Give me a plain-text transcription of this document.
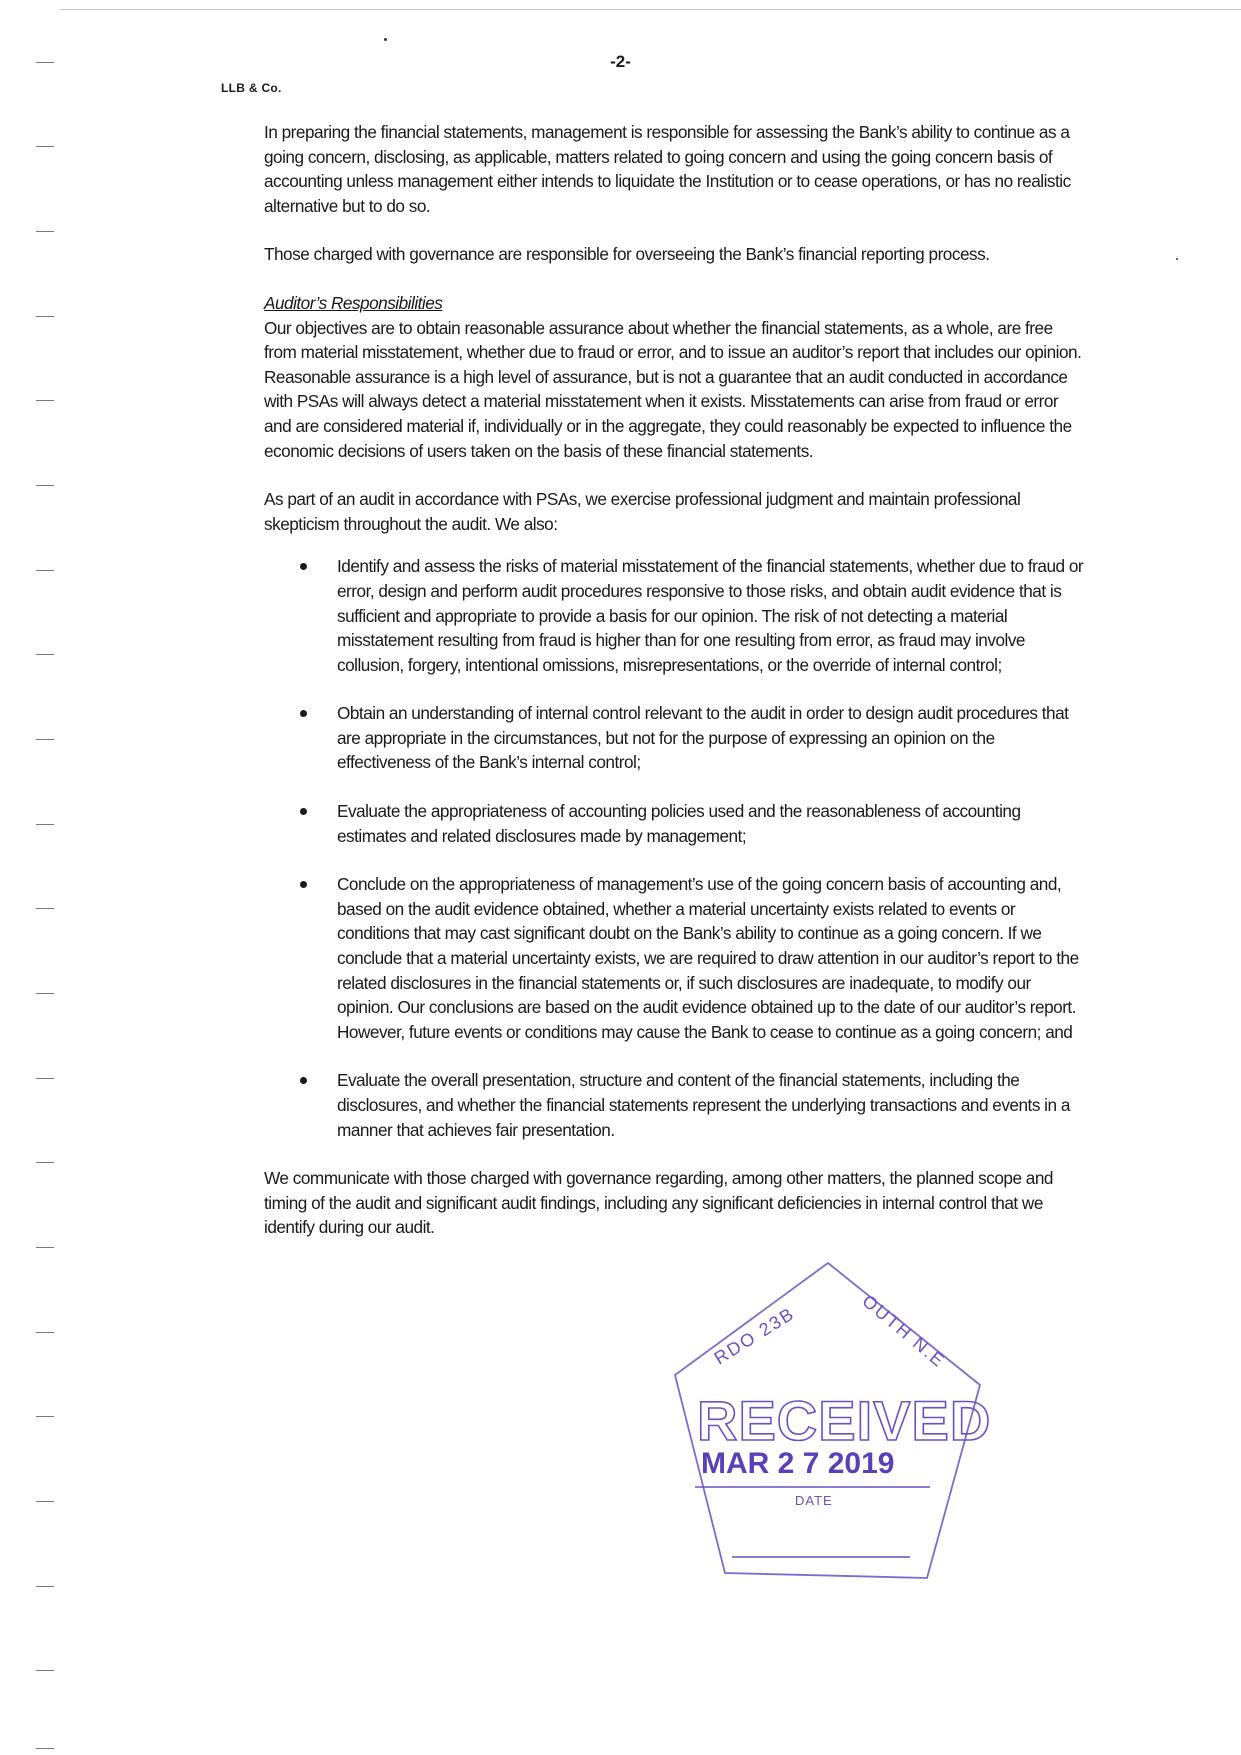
-2-
LLB & Co.

In preparing the financial statements, management is responsible for assessing the Bank’s ability to continue as a going concern, disclosing, as applicable, matters related to going concern and using the going concern basis of accounting unless management either intends to liquidate the Institution or to cease operations, or has no realistic alternative but to do so.

Those charged with governance are responsible for overseeing the Bank’s financial reporting process.

Auditor’s Responsibilities

Our objectives are to obtain reasonable assurance about whether the financial statements, as a whole, are free from material misstatement, whether due to fraud or error, and to issue an auditor’s report that includes our opinion. Reasonable assurance is a high level of assurance, but is not a guarantee that an audit conducted in accordance with PSAs will always detect a material misstatement when it exists. Misstatements can arise from fraud or error and are considered material if, individually or in the aggregate, they could reasonably be expected to influence the economic decisions of users taken on the basis of these financial statements.

As part of an audit in accordance with PSAs, we exercise professional judgment and maintain professional skepticism throughout the audit. We also:

Identify and assess the risks of material misstatement of the financial statements, whether due to fraud or error, design and perform audit procedures responsive to those risks, and obtain audit evidence that is sufficient and appropriate to provide a basis for our opinion. The risk of not detecting a material misstatement resulting from fraud is higher than for one resulting from error, as fraud may involve collusion, forgery, intentional omissions, misrepresentations, or the override of internal control;
Obtain an understanding of internal control relevant to the audit in order to design audit procedures that are appropriate in the circumstances, but not for the purpose of expressing an opinion on the effectiveness of the Bank’s internal control;
Evaluate the appropriateness of accounting policies used and the reasonableness of accounting estimates and related disclosures made by management;
Conclude on the appropriateness of management’s use of the going concern basis of accounting and, based on the audit evidence obtained, whether a material uncertainty exists related to events or conditions that may cast significant doubt on the Bank’s ability to continue as a going concern. If we conclude that a material uncertainty exists, we are required to draw attention in our auditor’s report to the related disclosures in the financial statements or, if such disclosures are inadequate, to modify our opinion. Our conclusions are based on the audit evidence obtained up to the date of our auditor’s report. However, future events or conditions may cause the Bank to cease to continue as a going concern; and
Evaluate the overall presentation, structure and content of the financial statements, including the disclosures, and whether the financial statements represent the underlying transactions and events in a manner that achieves fair presentation.

We communicate with those charged with governance regarding, among other matters, the planned scope and timing of the audit and significant audit findings, including any significant deficiencies in internal control that we identify during our audit.

RDO 23B	OUTH N.E
RECEIVED
MAR 2 7 2019
DATE
